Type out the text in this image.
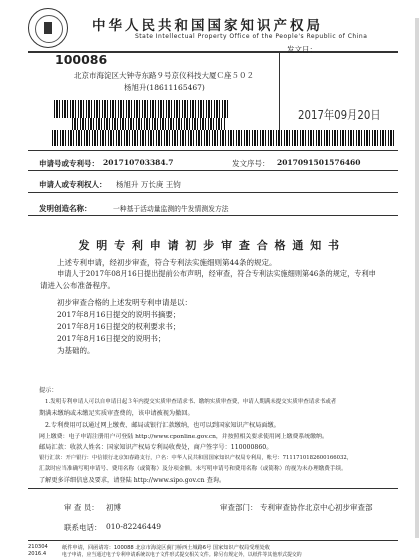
中华人民共和国国家知识产权局
State Intellectual Property Office of the People's Republic of China
发文日：
2017年09月20日
100086
北京市海淀区大钟寺东路９号京仪科技大厦Ｃ座５０２
杨旭升(18611165467)
申请号或专利号： 201710703384.7	发文序号： 2017091501576460
申请人或专利权人： 杨旭升 万长庚 王钧
发明创造名称：	一种基于活动量监测的牛发情测发方法
发 明 专 利 申 请 初 步 审 查 合 格 通 知 书
上述专利申请，经初步审查，符合专利法实施细则第44条的规定。
申请人于2017年08月16日提出提前公布声明，经审查，符合专利法实施细则第46条的规定，专利申
请进入公布准备程序。
初步审查合格的上述发明专利申请是以：
2017年8月16日提交的说明书摘要；
2017年8月16日提交的权利要求书；
2017年8月16日提交的说明书；
为基础的。
提示：
1.发明专利申请人可以自申请日起３年内提交实质审查请求书、缴纳实质审查费，申请人期满未提交实质审查请求书或者
期满未缴纳或未缴足实质审查费的，该申请被视为撤回。
2.专利费用可以通过网上缴费、邮局或银行汇款缴纳，也可以到国家知识产权局面缴。
网上缴费：电子申请注册用户可登陆 http://www.cponline.gov.cn，并按照相关要求使用网上缴费系统缴纳。
邮局汇款：收款人姓名：国家知识产权局专利局收费处，商户签字号：110000860。
银行汇款：开户银行：中信银行北京知春路支行，户名：中华人民共和国国家知识产权局专利局，帐号：7111710182600166032，
汇款时应当准确写明申请号、费用名称（或简称）及分项金额。未写明申请号和费用名称（或简称）的视为未办理缴费手续。
了解更多详细信息及要求，请登陆 http://www.sipo.gov.cn 查询。
审 查 员： 初博	审查部门： 专利审查协作北京中心初步审查部
联系电话： 010-82246449
210304
2016.4
纸件申请，回函请寄：100088 北京市海淀区蓟门桥西土城路6号 国家知识产权局受理处收
电子申请，应当通过电子专利申请系统以电子文件形式提交相关文件。除另有规定外，以纸件等其他形式提交的
